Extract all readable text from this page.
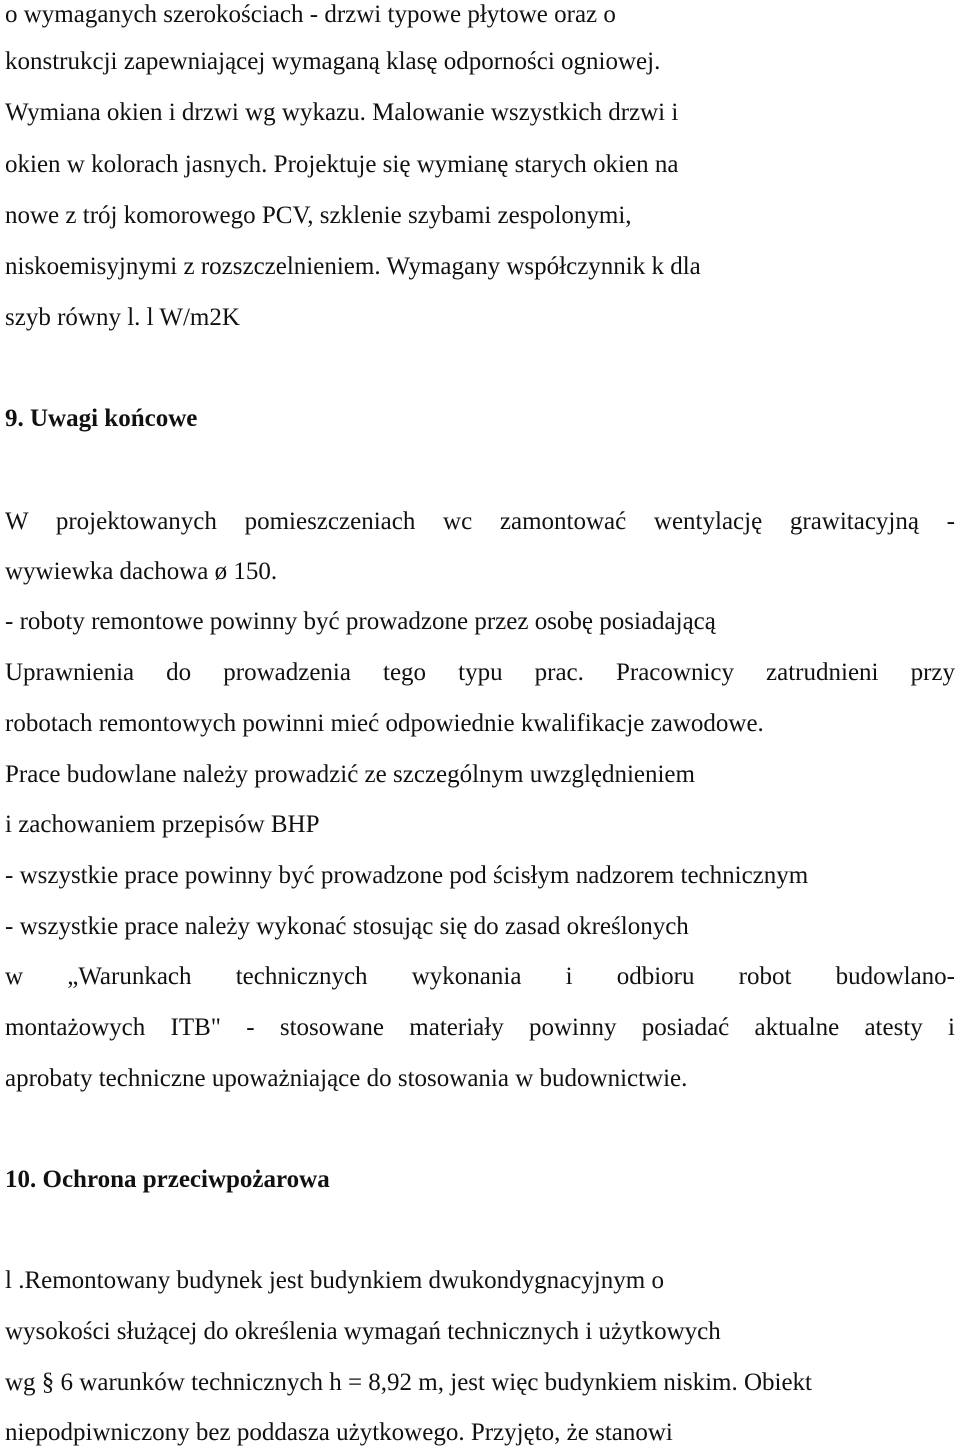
o wymaganych szerokościach - drzwi typowe płytowe oraz o
konstrukcji zapewniającej wymaganą klasę odporności ogniowej.
Wymiana okien i drzwi wg wykazu. Malowanie wszystkich drzwi i
okien w kolorach jasnych. Projektuje się wymianę starych okien na
nowe z trój komorowego PCV, szklenie szybami zespolonymi,
niskoemisyjnymi z rozszczelnieniem. Wymagany współczynnik k dla
szyb równy l. l W/m2K
9. Uwagi końcowe
W projektowanych pomieszczeniach wc zamontować wentylację grawitacyjną -
wywiewka dachowa ø 150.
- roboty remontowe powinny być prowadzone przez osobę posiadającą
Uprawnienia do prowadzenia tego typu prac. Pracownicy zatrudnieni przy
robotach remontowych powinni mieć odpowiednie kwalifikacje zawodowe.
Prace budowlane należy prowadzić ze szczególnym uwzględnieniem
i zachowaniem przepisów BHP
- wszystkie prace powinny być prowadzone pod ścisłym nadzorem technicznym
- wszystkie prace należy wykonać stosując się do zasad określonych
w „Warunkach technicznych wykonania i odbioru robot budowlano-
montażowych ITB" - stosowane materiały powinny posiadać aktualne atesty i
aprobaty techniczne upoważniające do stosowania w budownictwie.
10. Ochrona przeciwpożarowa
l .Remontowany budynek jest budynkiem dwukondygnacyjnym o
wysokości służącej do określenia wymagań technicznych i użytkowych
wg § 6 warunków technicznych h = 8,92 m, jest więc budynkiem niskim. Obiekt
niepodpiwniczony bez poddasza użytkowego. Przyjęto, że stanowi
